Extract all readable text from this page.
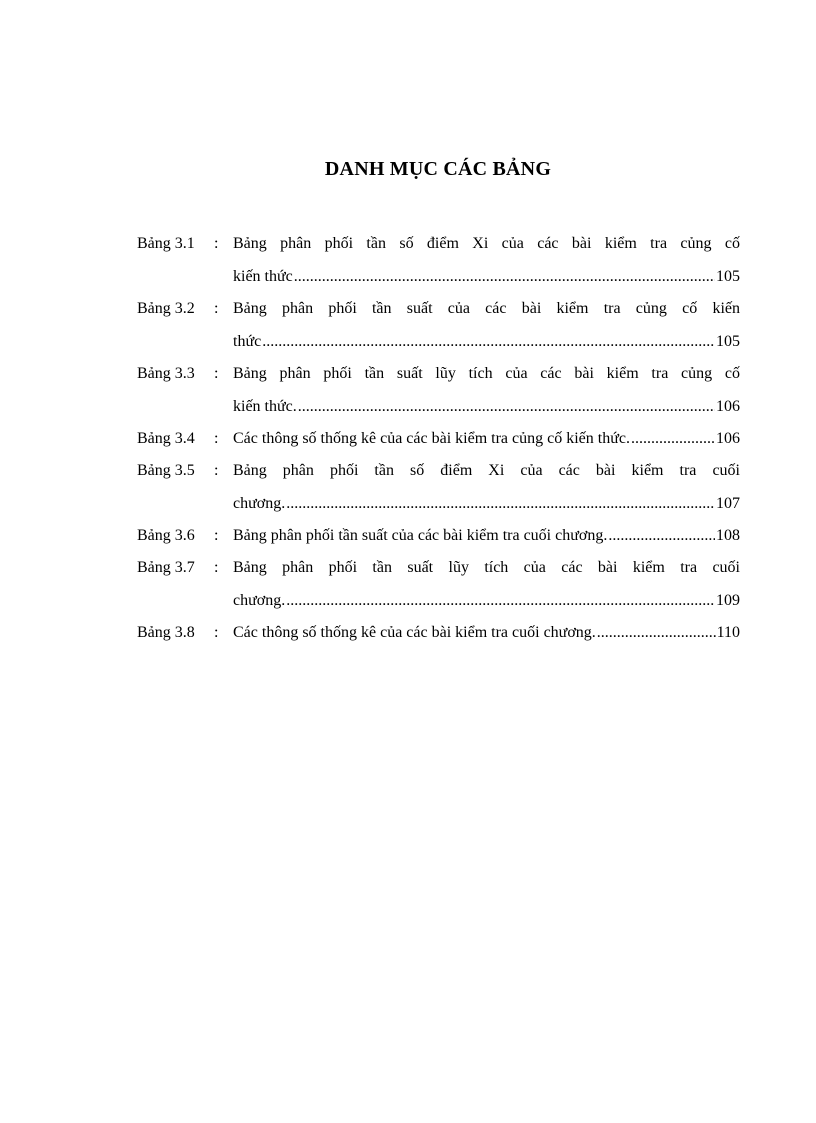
DANH MỤC CÁC BẢNG
Bảng 3.1	: Bảng phân phối tần số điểm Xi của các bài kiểm tra củng cố
kiến thức .....	105
Bảng 3.2	: Bảng phân phối tần suất của các bài kiểm tra củng cố kiến
thức .....	105
Bảng 3.3	: Bảng phân phối tần suất lũy tích của các bài kiểm tra củng cố
kiến thức. .....	106
Bảng 3.4	: Các thông số thống kê của các bài kiểm tra củng cố kiến thức. .....	106
Bảng 3.5	: Bảng phân phối tần số điểm Xi của các bài kiểm tra cuối
chương. .....	107
Bảng 3.6	: Bảng phân phối tần suất của các bài kiểm tra cuối chương. .....	108
Bảng 3.7	: Bảng phân phối tần suất lũy tích của các bài kiểm tra cuối
chương. .....	109
Bảng 3.8	: Các thông số thống kê của các bài kiểm tra cuối chương. .....	110
